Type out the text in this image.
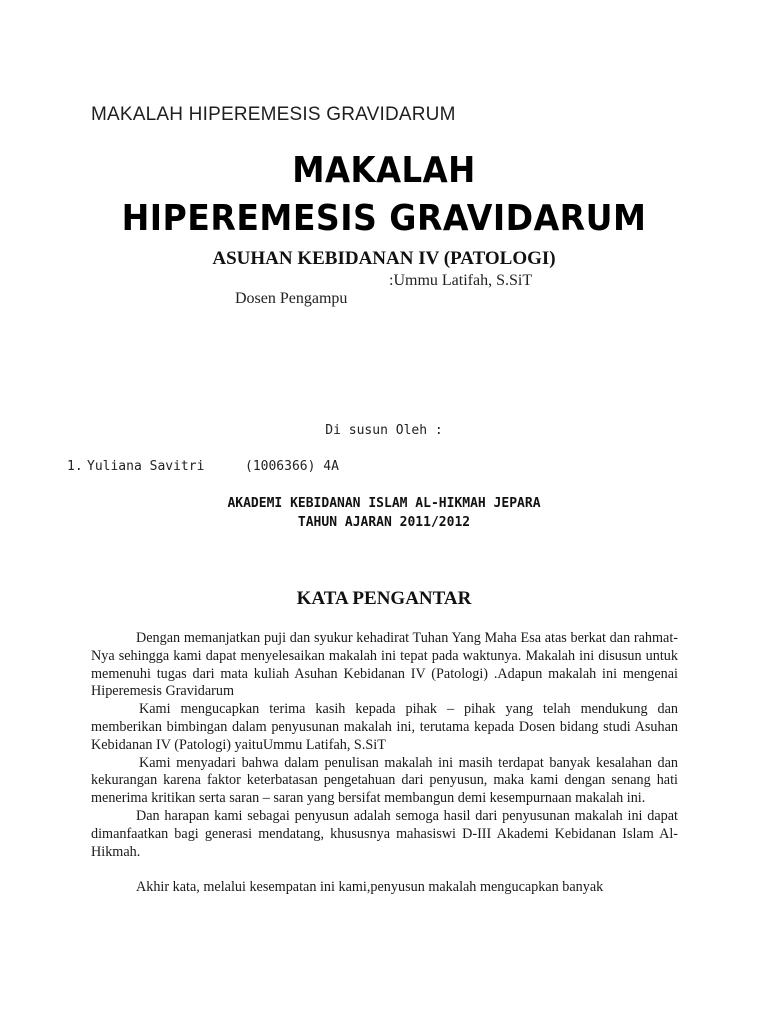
MAKALAH HIPEREMESIS GRAVIDARUM
MAKALAH
HIPEREMESIS GRAVIDARUM
ASUHAN KEBIDANAN IV (PATOLOGI)

Dosen Pengampu

:Ummu Latifah, S.SiT

Di susun Oleh :
1. Yuliana Savitri	(1006366) 4A
AKADEMI KEBIDANAN ISLAM AL-HIKMAH JEPARA
TAHUN AJARAN 2011/2012
KATA PENGANTAR

Dengan memanjatkan puji dan syukur kehadirat Tuhan Yang Maha Esa atas berkat dan rahmat-Nya sehingga kami dapat menyelesaikan makalah ini tepat pada waktunya. Makalah ini disusun untuk memenuhi tugas dari mata kuliah Asuhan Kebidanan IV (Patologi) .Adapun makalah ini mengenai Hiperemesis Gravidarum

Kami mengucapkan terima kasih kepada pihak – pihak yang telah mendukung dan memberikan bimbingan dalam penyusunan makalah ini, terutama kepada Dosen bidang studi Asuhan Kebidanan IV (Patologi) yaituUmmu Latifah, S.SiT

Kami menyadari bahwa dalam penulisan makalah ini masih terdapat banyak kesalahan dan kekurangan karena faktor keterbatasan pengetahuan dari penyusun, maka kami dengan senang hati menerima kritikan serta saran – saran yang bersifat membangun demi kesempurnaan makalah ini.

Dan harapan kami sebagai penyusun adalah semoga hasil dari penyusunan makalah ini dapat dimanfaatkan bagi generasi mendatang, khususnya mahasiswi D-III Akademi Kebidanan Islam Al-Hikmah.

Akhir kata, melalui kesempatan ini kami,penyusun makalah mengucapkan banyak
